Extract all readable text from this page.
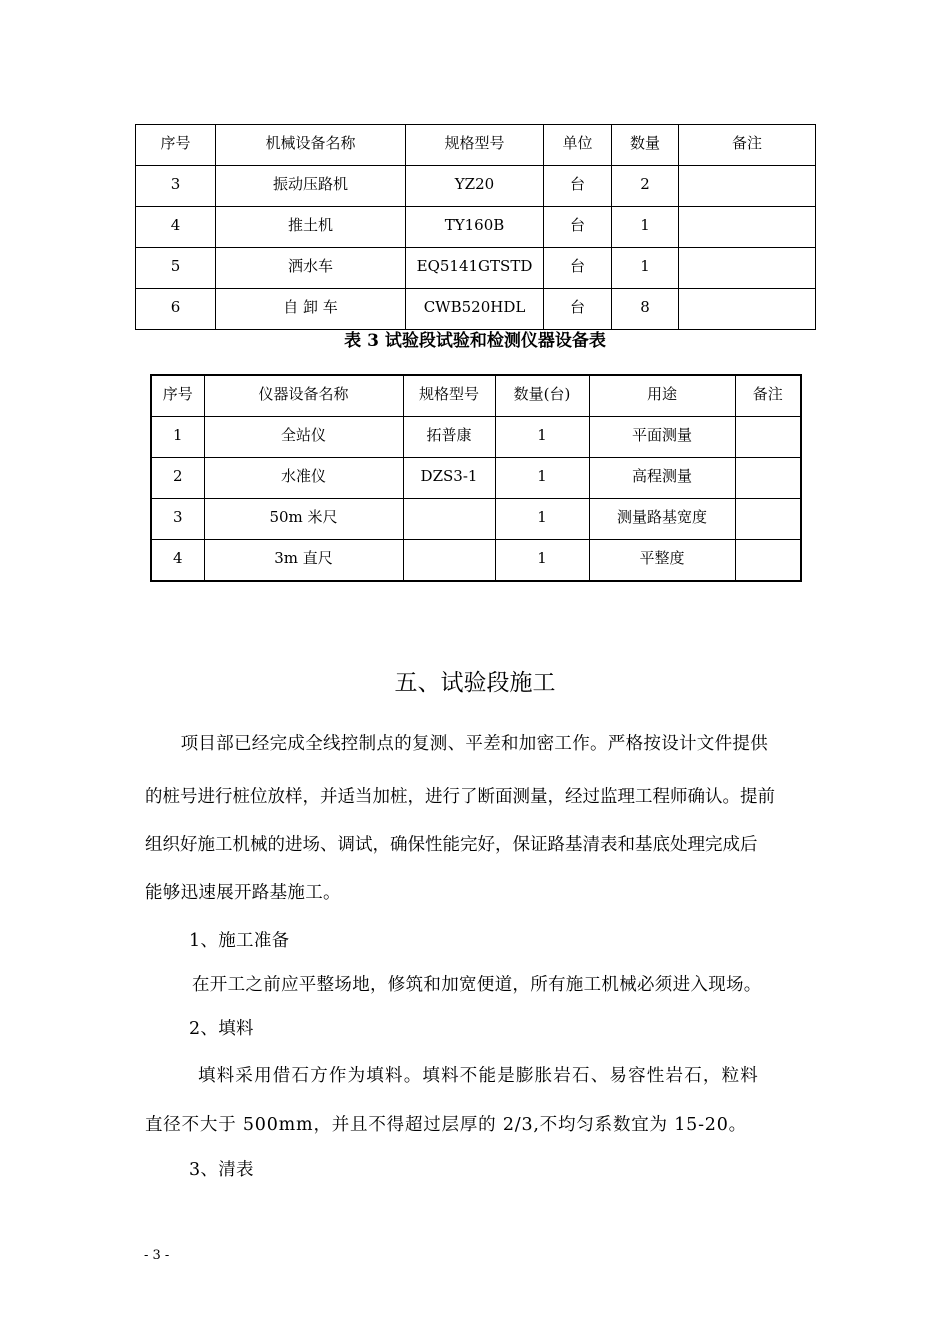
序号	机械设备名称	规格型号	单位	数量	备注
3	振动压路机	YZ20	台	2	
4	推土机	TY160B	台	1	
5	洒水车	EQ5141GTSTD	台	1	
6	自 卸 车	CWB520HDL	台	8	
表 3 试验段试验和检测仪器设备表
序号	仪器设备名称	规格型号	数量(台)	用途	备注
1	全站仪	拓普康	1	平面测量	
2	水准仪	DZS3-1	1	高程测量	
3	50m 米尺		1	测量路基宽度	
4	3m 直尺		1	平整度	
五、试验段施工
　　项目部已经完成全线控制点的复测、平差和加密工作。严格按设计文件提供
的桩号进行桩位放样，并适当加桩，进行了断面测量，经过监理工程师确认。提前
组织好施工机械的进场、调试，确保性能完好，保证路基清表和基底处理完成后
能够迅速展开路基施工。
1、施工准备
在开工之前应平整场地，修筑和加宽便道，所有施工机械必须进入现场。
2、填料
填料采用借石方作为填料。填料不能是膨胀岩石、易容性岩石，粒料
直径不大于 500mm，并且不得超过层厚的 2/3,不均匀系数宜为 15-20。
3、清表
- 3 -
